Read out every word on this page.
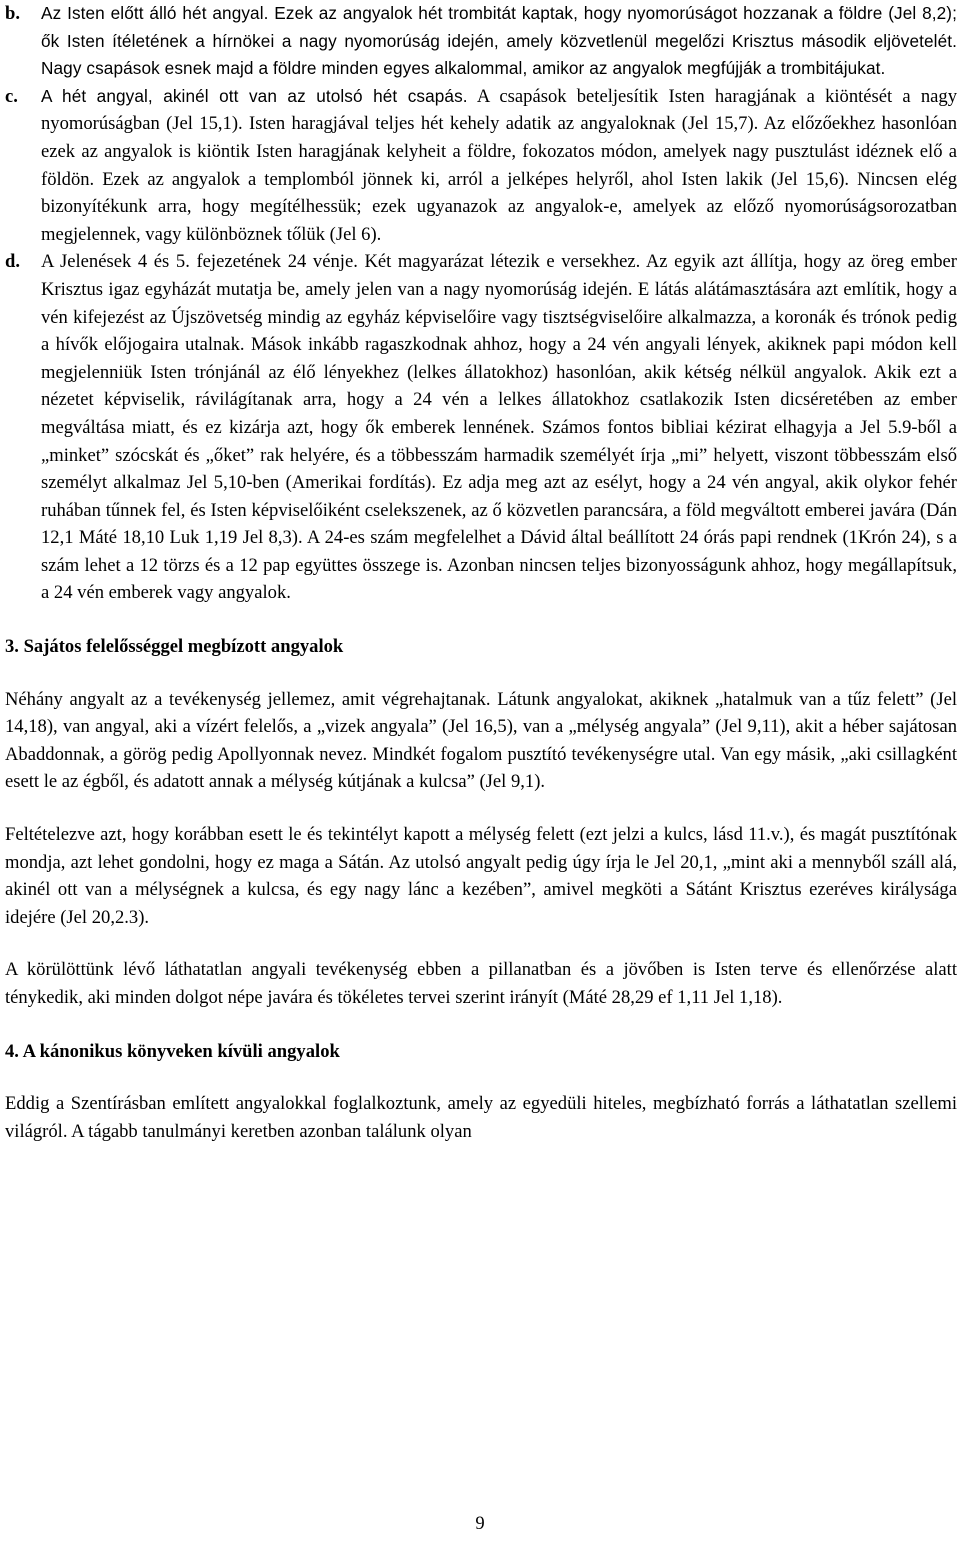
b.	Az Isten előtt álló hét angyal. Ezek az angyalok hét trombitát kaptak, hogy nyomorúságot hozzanak a földre (Jel 8,2); ők Isten ítéletének a hírnökei a nagy nyomorúság idején, amely közvetlenül megelőzi Krisztus második eljövetelét. Nagy csapások esnek majd a földre minden egyes alkalommal, amikor az angyalok megfújják a trombitájukat.
c.	A hét angyal, akinél ott van az utolsó hét csapás. A csapások beteljesítik Isten haragjának a kiöntését a nagy nyomorúságban (Jel 15,1). Isten haragjával teljes hét kehely adatik az angyaloknak (Jel 15,7). Az előzőekhez hasonlóan ezek az angyalok is kiöntik Isten haragjának kelyheit a földre, fokozatos módon, amelyek nagy pusztulást idéznek elő a földön. Ezek az angyalok a templomból jönnek ki, arról a jelképes helyről, ahol Isten lakik (Jel 15,6). Nincsen elég bizonyítékunk arra, hogy megítélhessük; ezek ugyanazok az angyalok-e, amelyek az előző nyomorúságsorozatban megjelennek, vagy különböznek tőlük (Jel 6).
d.	A Jelenések 4 és 5. fejezetének 24 vénje. Két magyarázat létezik e versekhez. Az egyik azt állítja, hogy az öreg ember Krisztus igaz egyházát mutatja be, amely jelen van a nagy nyomorúság idején. E látás alátámasztására azt említik, hogy a vén kifejezést az Újszövetség mindig az egyház képviselőire vagy tisztségviselőire alkalmazza, a koronák és trónok pedig a hívők előjogaira utalnak. Mások inkább ragaszkodnak ahhoz, hogy a 24 vén angyali lények, akiknek papi módon kell megjelenniük Isten trónjánál az élő lényekhez (lelkes állatokhoz) hasonlóan, akik kétség nélkül angyalok. Akik ezt a nézetet képviselik, rávilágítanak arra, hogy a 24 vén a lelkes állatokhoz csatlakozik Isten dicséretében az ember megváltása miatt, és ez kizárja azt, hogy ők emberek lennének. Számos fontos bibliai kézirat elhagyja a Jel 5.9-ből a „minket” szócskát és „őket” rak helyére, és a többesszám harmadik személyét írja „mi” helyett, viszont többesszám első személyt alkalmaz Jel 5,10-ben (Amerikai fordítás). Ez adja meg azt az esélyt, hogy a 24 vén angyal, akik olykor fehér ruhában tűnnek fel, és Isten képviselőiként cselekszenek, az ő közvetlen parancsára, a föld megváltott emberei javára (Dán 12,1 Máté 18,10 Luk 1,19 Jel 8,3). A 24-es szám megfelelhet a Dávid által beállított 24 órás papi rendnek (1Krón 24), s a szám lehet a 12 törzs és a 12 pap együttes összege is. Azonban nincsen teljes bizonyosságunk ahhoz, hogy megállapítsuk, a 24 vén emberek vagy angyalok.
3. Sajátos felelősséggel megbízott angyalok

Néhány angyalt az a tevékenység jellemez, amit végrehajtanak. Látunk angyalokat, akiknek „hatalmuk van a tűz felett” (Jel 14,18), van angyal, aki a vízért felelős, a „vizek angyala” (Jel 16,5), van a „mélység angyala” (Jel 9,11), akit a héber sajátosan Abaddonnak, a görög pedig Apollyonnak nevez. Mindkét fogalom pusztító tevékenységre utal. Van egy másik, „aki csillagként esett le az égből, és adatott annak a mélység kútjának a kulcsa” (Jel 9,1).

Feltételezve azt, hogy korábban esett le és tekintélyt kapott a mélység felett (ezt jelzi a kulcs, lásd 11.v.), és magát pusztítónak mondja, azt lehet gondolni, hogy ez maga a Sátán. Az utolsó angyalt pedig úgy írja le Jel 20,1, „mint aki a mennyből száll alá, akinél ott van a mélységnek a kulcsa, és egy nagy lánc a kezében”, amivel megköti a Sátánt Krisztus ezeréves királysága idejére (Jel 20,2.3).

A körülöttünk lévő láthatatlan angyali tevékenység ebben a pillanatban és a jövőben is Isten terve és ellenőrzése alatt ténykedik, aki minden dolgot népe javára és tökéletes tervei szerint irányít (Máté 28,29 ef 1,11 Jel 1,18).

4. A kánonikus könyveken kívüli angyalok

Eddig a Szentírásban említett angyalokkal foglalkoztunk, amely az egyedüli hiteles, megbízható forrás a láthatatlan szellemi világról. A tágabb tanulmányi keretben azonban találunk olyan

9
